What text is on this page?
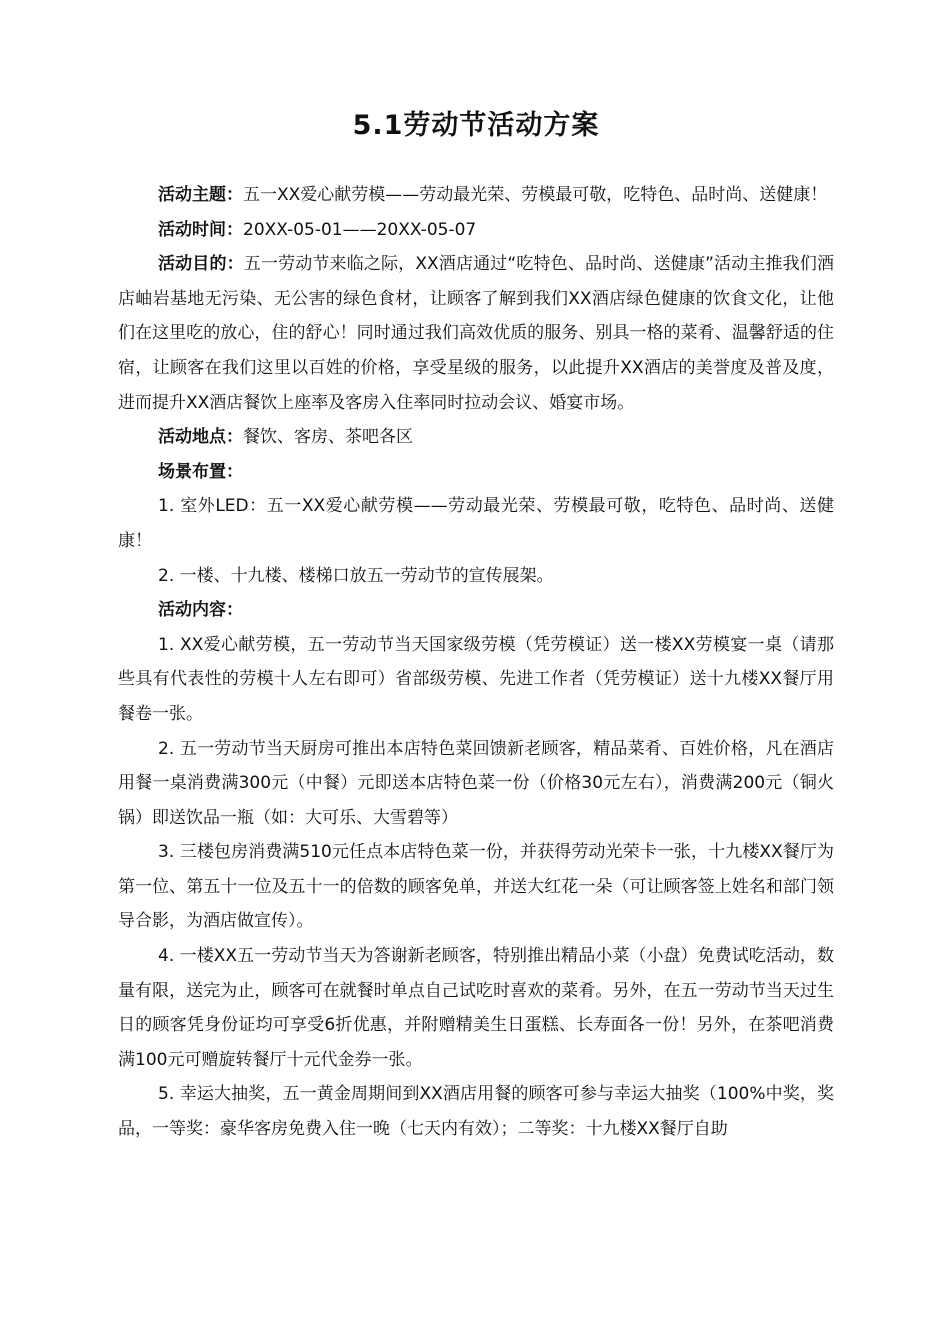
5.1劳动节活动方案

活动主题：五一XX爱心献劳模——劳动最光荣、劳模最可敬，吃特色、品时尚、送健康！

活动时间：20XX-05-01——20XX-05-07

活动目的：五一劳动节来临之际，XX酒店通过“吃特色、品时尚、送健康”活动主推我们酒店岫岩基地无污染、无公害的绿色食材，让顾客了解到我们XX酒店绿色健康的饮食文化，让他们在这里吃的放心，住的舒心！同时通过我们高效优质的服务、别具一格的菜肴、温馨舒适的住宿，让顾客在我们这里以百姓的价格，享受星级的服务，以此提升XX酒店的美誉度及普及度，进而提升XX酒店餐饮上座率及客房入住率同时拉动会议、婚宴市场。

活动地点：餐饮、客房、茶吧各区

场景布置：

1. 室外LED：五一XX爱心献劳模——劳动最光荣、劳模最可敬，吃特色、品时尚、送健康！

2. 一楼、十九楼、楼梯口放五一劳动节的宣传展架。

活动内容：

1. XX爱心献劳模，五一劳动节当天国家级劳模（凭劳模证）送一楼XX劳模宴一桌（请那些具有代表性的劳模十人左右即可）省部级劳模、先进工作者（凭劳模证）送十九楼XX餐厅用餐卷一张。

2. 五一劳动节当天厨房可推出本店特色菜回馈新老顾客，精品菜肴、百姓价格，凡在酒店用餐一桌消费满300元（中餐）元即送本店特色菜一份（价格30元左右），消费满200元（铜火锅）即送饮品一瓶（如：大可乐、大雪碧等）

3. 三楼包房消费满510元任点本店特色菜一份，并获得劳动光荣卡一张，十九楼XX餐厅为第一位、第五十一位及五十一的倍数的顾客免单，并送大红花一朵（可让顾客签上姓名和部门领导合影，为酒店做宣传）。

4. 一楼XX五一劳动节当天为答谢新老顾客，特别推出精品小菜（小盘）免费试吃活动，数量有限，送完为止，顾客可在就餐时单点自己试吃时喜欢的菜肴。另外，在五一劳动节当天过生日的顾客凭身份证均可享受6折优惠，并附赠精美生日蛋糕、长寿面各一份！另外，在茶吧消费满100元可赠旋转餐厅十元代金券一张。

5. 幸运大抽奖，五一黄金周期间到XX酒店用餐的顾客可参与幸运大抽奖（100%中奖，奖品，一等奖：豪华客房免费入住一晚（七天内有效）；二等奖：十九楼XX餐厅自助
